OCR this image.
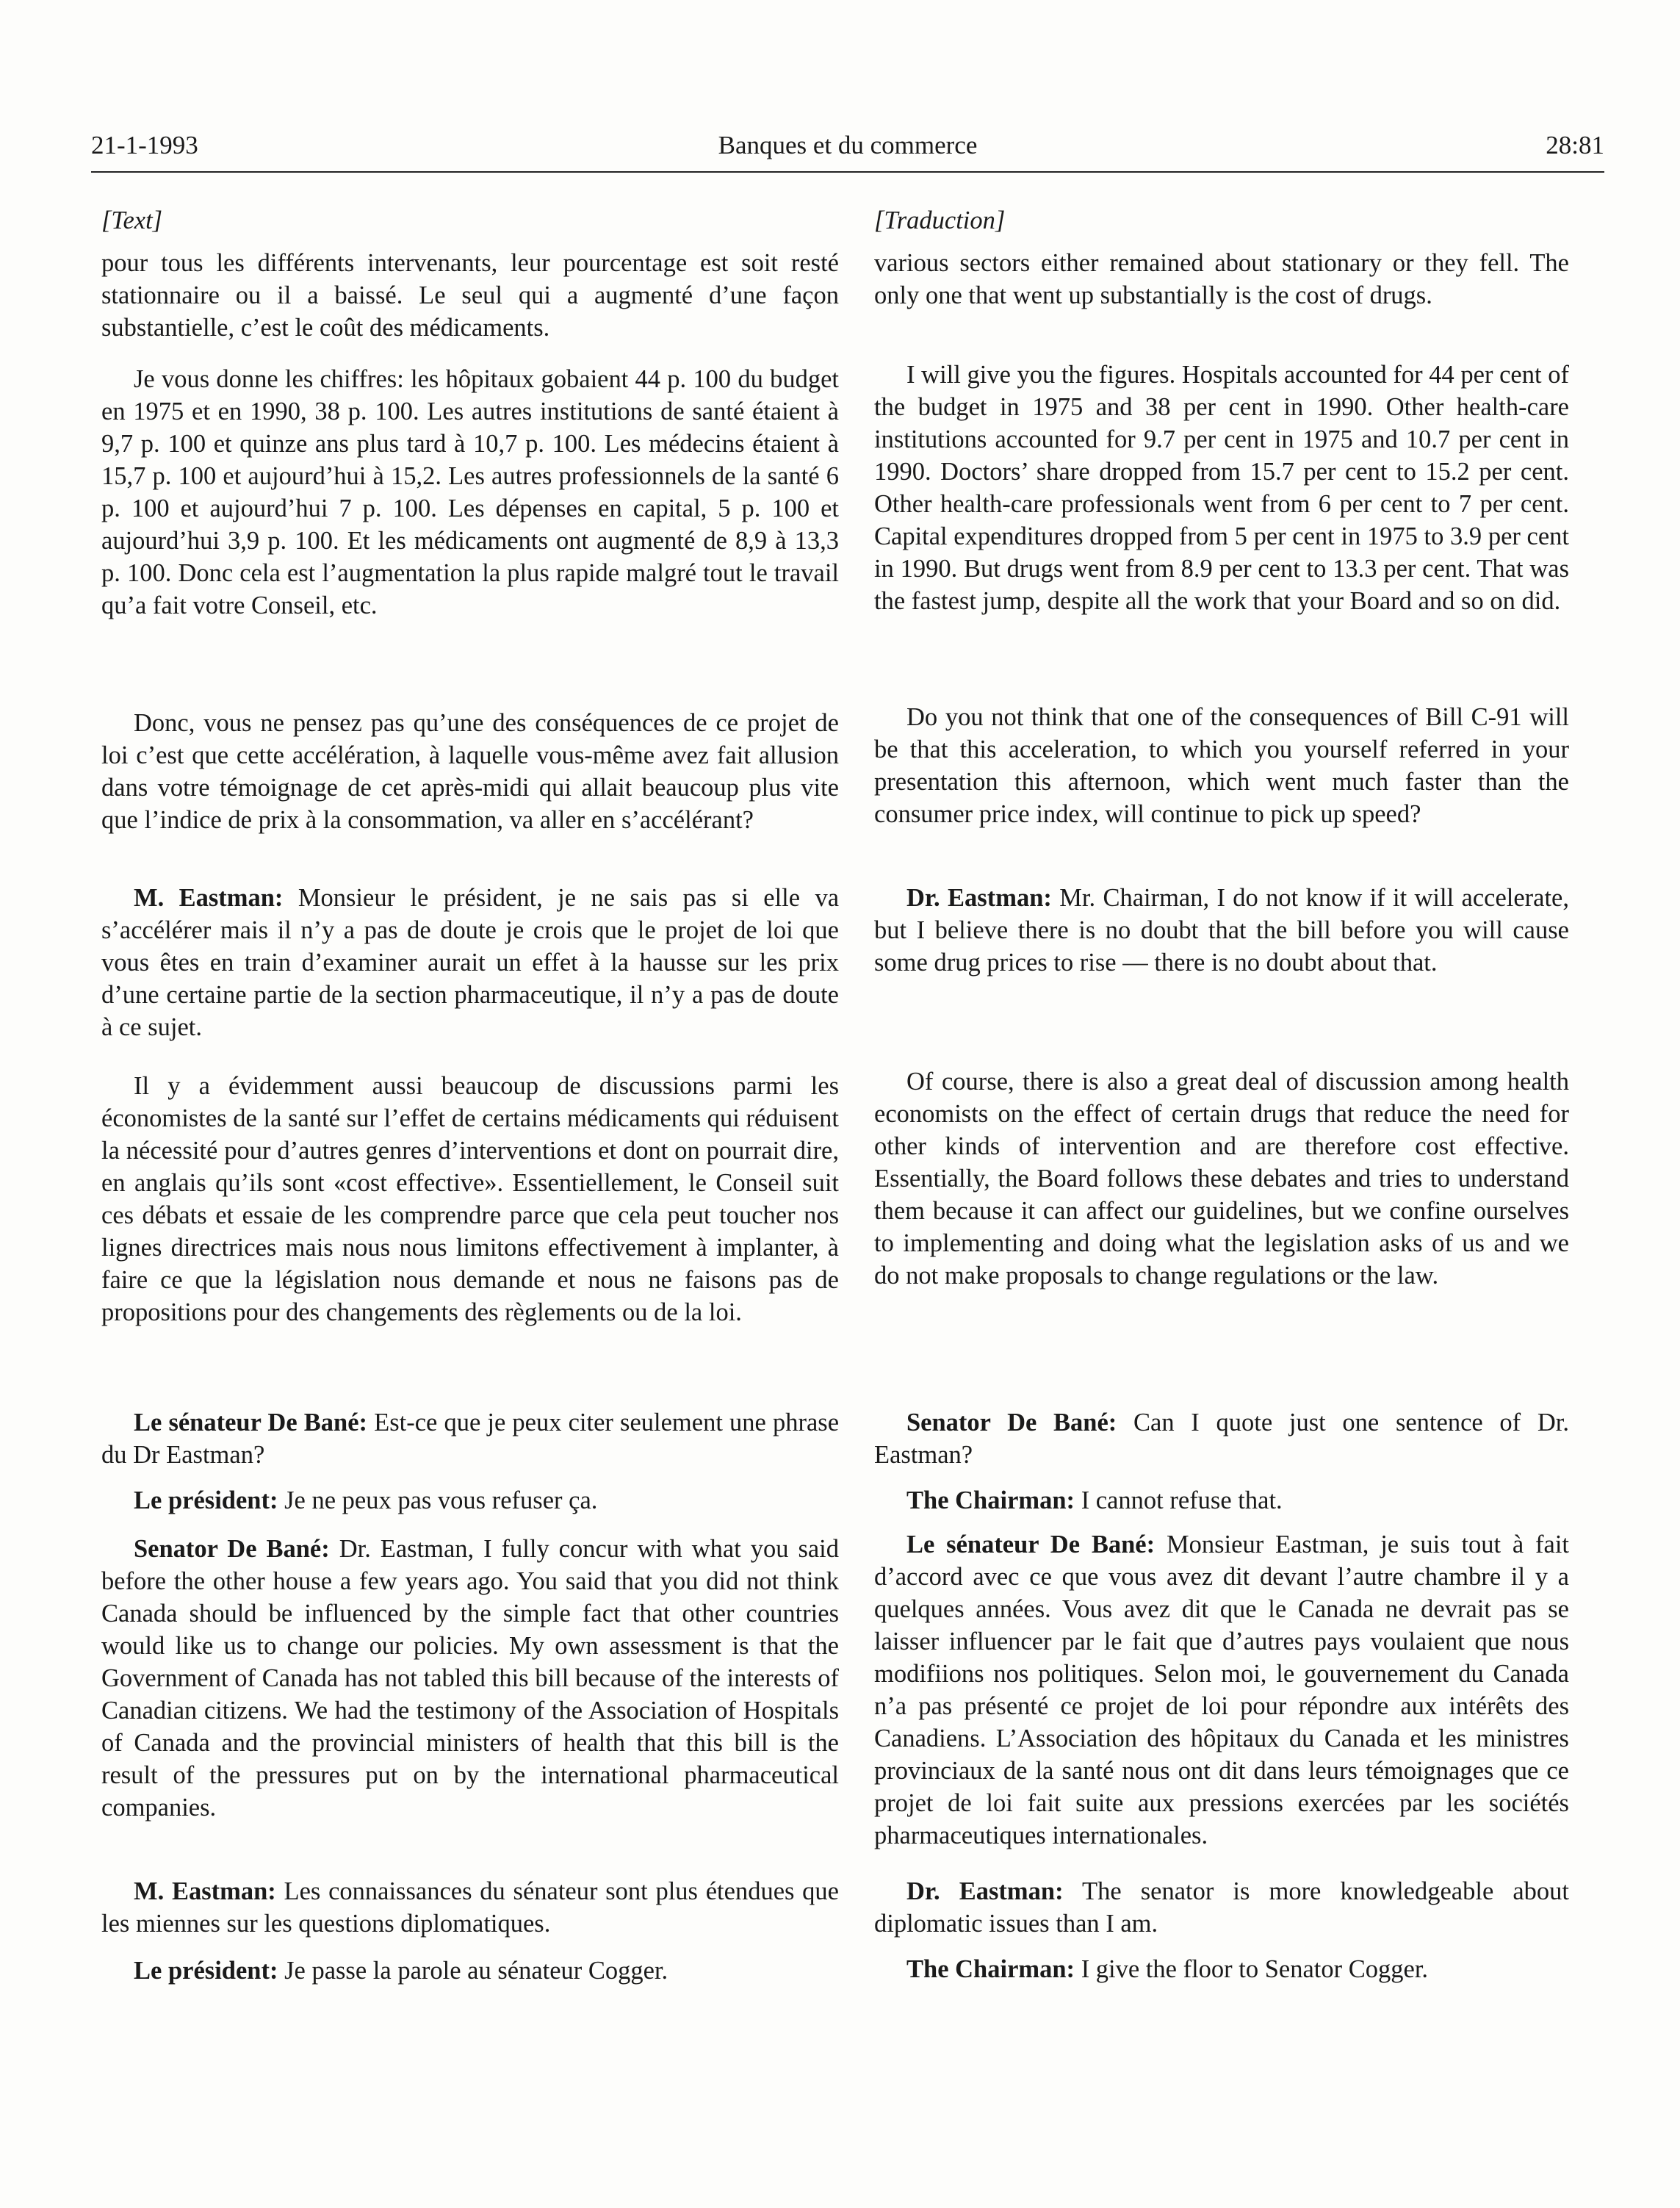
21-1-1993	Banques et du commerce	28:81

[Text]

pour tous les différents intervenants, leur pourcentage est soit resté stationnaire ou il a baissé. Le seul qui a augmenté d’une façon substantielle, c’est le coût des médicaments.

Je vous donne les chiffres: les hôpitaux gobaient 44 p. 100 du budget en 1975 et en 1990, 38 p. 100. Les autres institutions de santé étaient à 9,7 p. 100 et quinze ans plus tard à 10,7 p. 100. Les médecins étaient à 15,7 p. 100 et aujourd’hui à 15,2. Les autres professionnels de la santé 6 p. 100 et aujourd’hui 7 p. 100. Les dépenses en capital, 5 p. 100 et aujourd’hui 3,9 p. 100. Et les médicaments ont augmenté de 8,9 à 13,3 p. 100. Donc cela est l’augmentation la plus rapide malgré tout le travail qu’a fait votre Conseil, etc.

Donc, vous ne pensez pas qu’une des conséquences de ce projet de loi c’est que cette accélération, à laquelle vous-même avez fait allusion dans votre témoignage de cet après-midi qui allait beaucoup plus vite que l’indice de prix à la consommation, va aller en s’accélérant?

M. Eastman: Monsieur le président, je ne sais pas si elle va s’accélérer mais il n’y a pas de doute je crois que le projet de loi que vous êtes en train d’examiner aurait un effet à la hausse sur les prix d’une certaine partie de la section pharmaceutique, il n’y a pas de doute à ce sujet.

Il y a évidemment aussi beaucoup de discussions parmi les économistes de la santé sur l’effet de certains médicaments qui réduisent la nécessité pour d’autres genres d’interventions et dont on pourrait dire, en anglais qu’ils sont «cost effective». Essentiellement, le Conseil suit ces débats et essaie de les comprendre parce que cela peut toucher nos lignes directrices mais nous nous limitons effectivement à implanter, à faire ce que la législation nous demande et nous ne faisons pas de propositions pour des changements des règlements ou de la loi.

Le sénateur De Bané: Est-ce que je peux citer seulement une phrase du Dr Eastman?

Le président: Je ne peux pas vous refuser ça.

Senator De Bané: Dr. Eastman, I fully concur with what you said before the other house a few years ago. You said that you did not think Canada should be influenced by the simple fact that other countries would like us to change our policies. My own assessment is that the Government of Canada has not tabled this bill because of the interests of Canadian citizens. We had the testimony of the Association of Hospitals of Canada and the provincial ministers of health that this bill is the result of the pressures put on by the international pharmaceutical companies.

M. Eastman: Les connaissances du sénateur sont plus étendues que les miennes sur les questions diplomatiques.

Le président: Je passe la parole au sénateur Cogger.

[Traduction]

various sectors either remained about stationary or they fell. The only one that went up substantially is the cost of drugs.

I will give you the figures. Hospitals accounted for 44 per cent of the budget in 1975 and 38 per cent in 1990. Other health-care institutions accounted for 9.7 per cent in 1975 and 10.7 per cent in 1990. Doctors’ share dropped from 15.7 per cent to 15.2 per cent. Other health-care professionals went from 6 per cent to 7 per cent. Capital expenditures dropped from 5 per cent in 1975 to 3.9 per cent in 1990. But drugs went from 8.9 per cent to 13.3 per cent. That was the fastest jump, despite all the work that your Board and so on did.

Do you not think that one of the consequences of Bill C-91 will be that this acceleration, to which you yourself referred in your presentation this afternoon, which went much faster than the consumer price index, will continue to pick up speed?

Dr. Eastman: Mr. Chairman, I do not know if it will accelerate, but I believe there is no doubt that the bill before you will cause some drug prices to rise — there is no doubt about that.

Of course, there is also a great deal of discussion among health economists on the effect of certain drugs that reduce the need for other kinds of intervention and are therefore cost effective. Essentially, the Board follows these debates and tries to understand them because it can affect our guidelines, but we confine ourselves to implementing and doing what the legislation asks of us and we do not make proposals to change regulations or the law.

Senator De Bané: Can I quote just one sentence of Dr. Eastman?

The Chairman: I cannot refuse that.

Le sénateur De Bané: Monsieur Eastman, je suis tout à fait d’accord avec ce que vous avez dit devant l’autre chambre il y a quelques années. Vous avez dit que le Canada ne devrait pas se laisser influencer par le fait que d’autres pays voulaient que nous modifiions nos politiques. Selon moi, le gouvernement du Canada n’a pas présenté ce projet de loi pour répondre aux intérêts des Canadiens. L’Association des hôpitaux du Canada et les ministres provinciaux de la santé nous ont dit dans leurs témoignages que ce projet de loi fait suite aux pressions exercées par les sociétés pharmaceutiques internationales.

Dr. Eastman: The senator is more knowledgeable about diplomatic issues than I am.

The Chairman: I give the floor to Senator Cogger.
